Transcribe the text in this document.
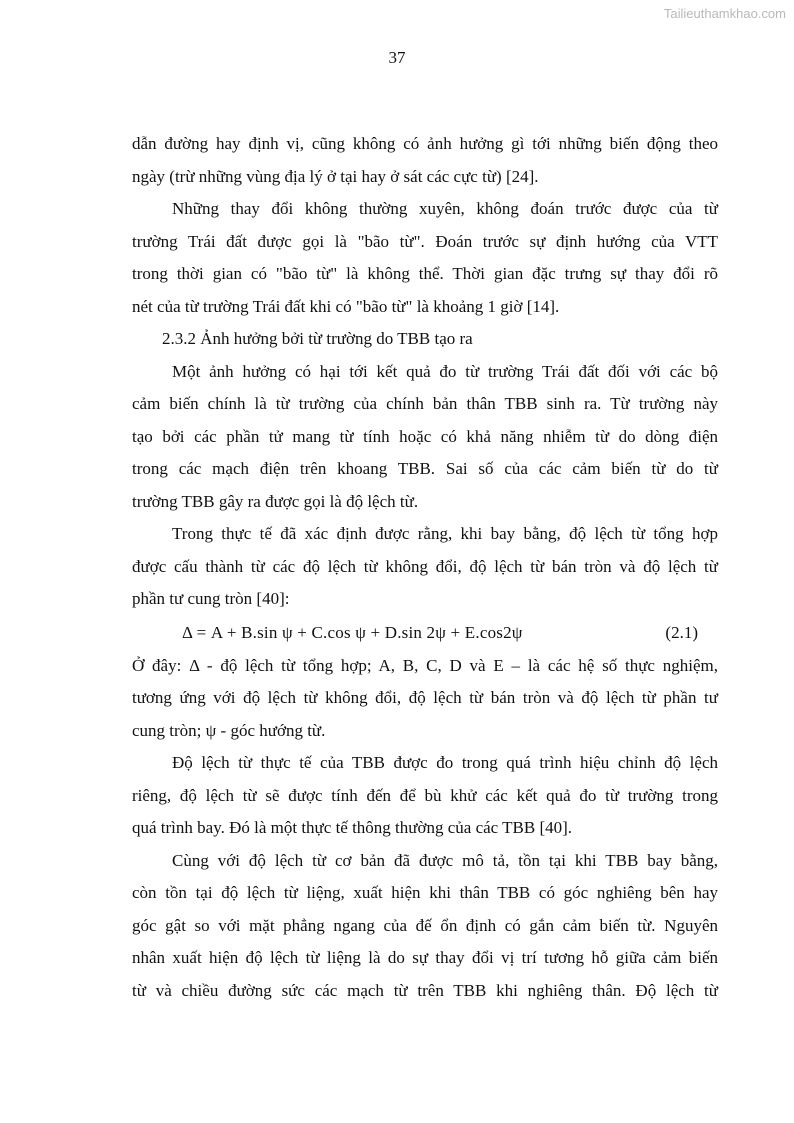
Tailieuthamkhao.com
37

dẫn đường hay định vị, cũng không có ảnh hưởng gì tới những biến động theo

ngày (trừ những vùng địa lý ở tại hay ở sát các cực từ) [24].

Những thay đổi không thường xuyên, không đoán trước được của từ

trường Trái đất được gọi là "bão từ". Đoán trước sự định hướng của VTT

trong thời gian có "bão từ" là không thể. Thời gian đặc trưng sự thay đổi rõ

nét của từ trường Trái đất khi có "bão từ" là khoảng 1 giờ [14].

2.3.2 Ảnh hưởng bởi từ trường do TBB tạo ra

Một ảnh hưởng có hại tới kết quả đo từ trường Trái đất đối với các bộ

cảm biến chính là từ trường của chính bản thân TBB sinh ra. Từ trường này

tạo bởi các phần tử mang từ tính hoặc có khả năng nhiễm từ do dòng điện

trong các mạch điện trên khoang TBB. Sai số của các cảm biến từ do từ

trường TBB gây ra được gọi là độ lệch từ.

Trong thực tế đã xác định được rằng, khi bay bằng, độ lệch từ tổng hợp

được cấu thành từ các độ lệch từ không đổi, độ lệch từ bán tròn và độ lệch từ

phần tư cung tròn [40]:

Δ = A + B.sin ψ + C.cos ψ + D.sin 2ψ + E.cos2ψ	(2.1)

Ở đây: Δ - độ lệch từ tổng hợp; A, B, C, D và E – là các hệ số thực nghiệm,

tương ứng với độ lệch từ không đổi, độ lệch từ bán tròn và độ lệch từ phần tư

cung tròn; ψ - góc hướng từ.

Độ lệch từ thực tế của TBB được đo trong quá trình hiệu chỉnh độ lệch

riêng, độ lệch từ sẽ được tính đến để bù khử các kết quả đo từ trường trong

quá trình bay. Đó là một thực tế thông thường của các TBB [40].

Cùng với độ lệch từ cơ bản đã được mô tả, tồn tại khi TBB bay bằng,

còn tồn tại độ lệch từ liệng, xuất hiện khi thân TBB có góc nghiêng bên hay

góc gật so với mặt phẳng ngang của đế ổn định có gắn cảm biến từ. Nguyên

nhân xuất hiện độ lệch từ liệng là do sự thay đổi vị trí tương hỗ giữa cảm biến

từ và chiều đường sức các mạch từ trên TBB khi nghiêng thân. Độ lệch từ
